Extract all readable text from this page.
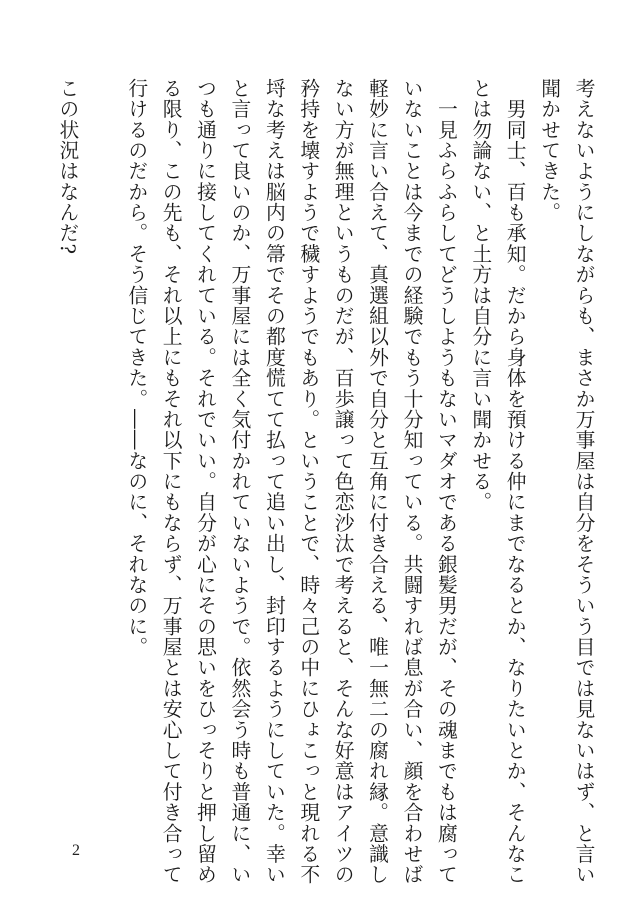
考えないようにしながらも、まさか万事屋は自分をそういう目では見ないはず、と言い

聞かせてきた。

　男同士、百も承知。だから身体を預ける仲にまでなるとか、なりたいとか、そんなこ

とは勿論ない、と土方は自分に言い聞かせる。

　一見ふらふらしてどうしようもないマダオである銀髪男だが、その魂までもは腐って

いないことは今までの経験でもう十分知っている。共闘すれば息が合い、顔を合わせば

軽妙に言い合えて、真選組以外で自分と互角に付き合える、唯一無二の腐れ縁。意識し

ない方が無理というものだが、百歩譲って色恋沙汰で考えると、そんな好意はアイツの

矜持を壊すようで穢すようでもあり。ということで、時々己の中にひょこっと現れる不

埒な考えは脳内の箒でその都度慌てて払って追い出し、封印するようにしていた。幸い

と言って良いのか、万事屋には全く気付かれていないようで。依然会う時も普通に、い

つも通りに接してくれている。それでいい。自分が心にその思いをひっそりと押し留め

る限り、この先も、それ以上にもそれ以下にもならず、万事屋とは安心して付き合って

行けるのだから。そう信じてきた。――なのに、それなのに。

この状況はなんだ?

2
